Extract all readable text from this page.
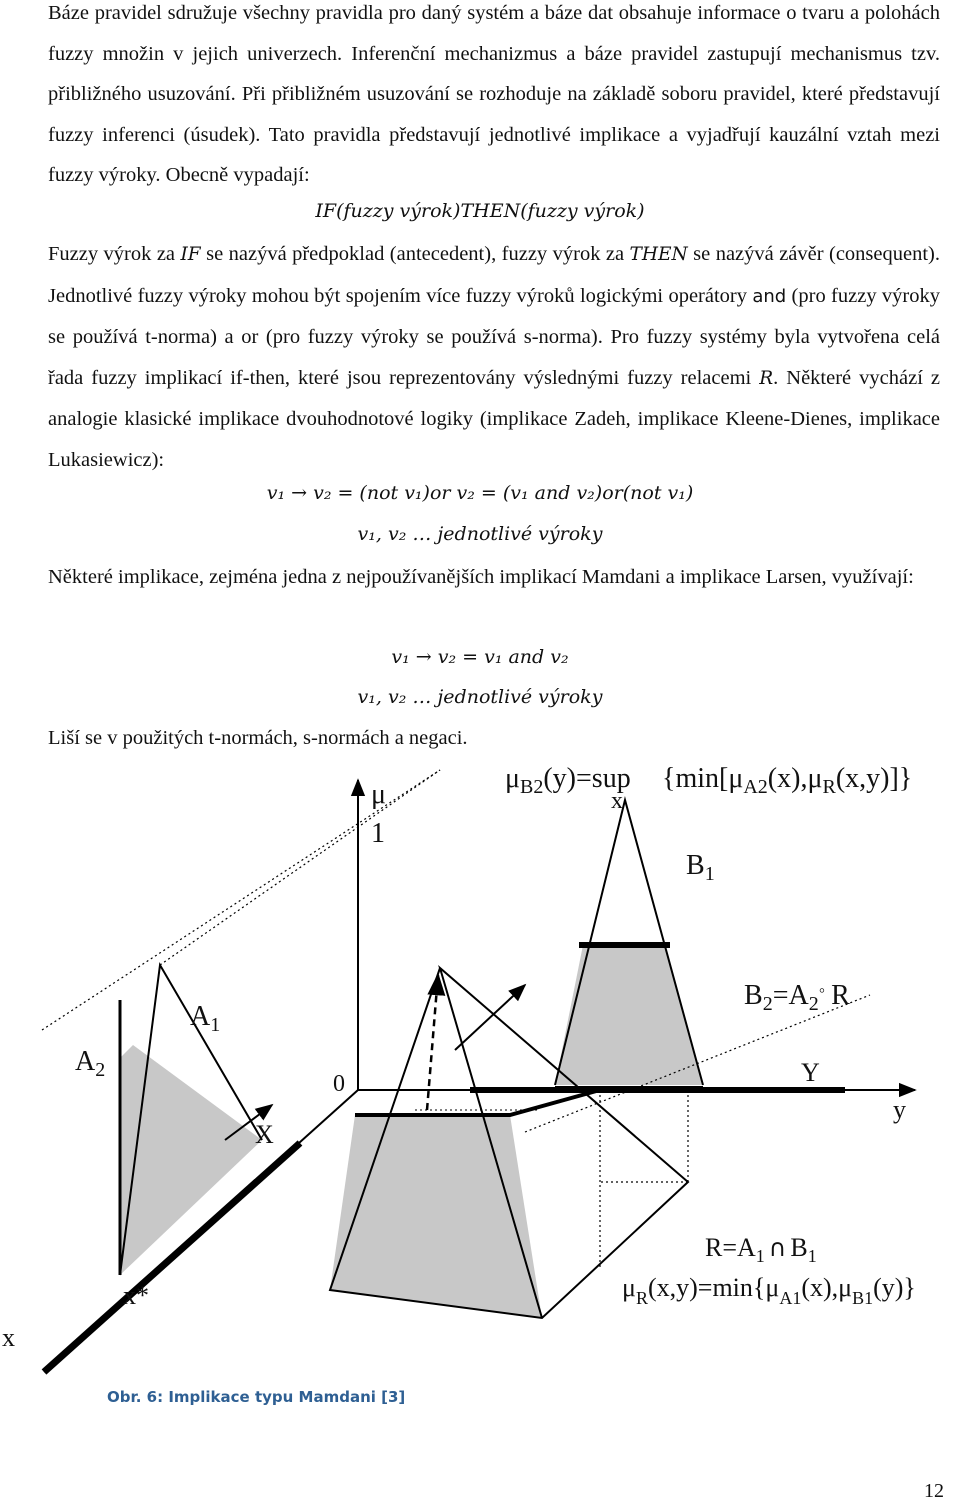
Báze pravidel sdružuje všechny pravidla pro daný systém a báze dat obsahuje informace o tvaru a polohách fuzzy množin v jejich univerzech. Inferenční mechanizmus a báze pravidel zastupují mechanismus tzv. přibližného usuzování. Při přibližném usuzování se rozhoduje na základě soboru pravidel, které představují fuzzy inferenci (úsudek). Tato pravidla představují jednotlivé implikace a vyjadřují kauzální vztah mezi fuzzy výroky. Obecně vypadají:

IF(fuzzy výrok)THEN(fuzzy výrok)

Fuzzy výrok za IF se nazývá předpoklad (antecedent), fuzzy výrok za THEN se nazývá závěr (consequent). Jednotlivé fuzzy výroky mohou být spojením více fuzzy výroků logickými operátory and (pro fuzzy výroky se používá t-norma) a or (pro fuzzy výroky se používá s-norma). Pro fuzzy systémy byla vytvořena celá řada fuzzy implikací if-then, které jsou reprezentovány výslednými fuzzy relacemi R. Některé vychází z analogie klasické implikace dvouhodnotové logiky (implikace Zadeh, implikace Kleene-Dienes, implikace Lukasiewicz):

v₁ → v₂ = (not v₁)or v₂ = (v₁ and v₂)or(not v₁)

v₁, v₂ … jednotlivé výroky

Některé implikace, zejména jedna z nejpoužívanějších implikací Mamdani a implikace Larsen, využívají:

v₁ → v₂ = v₁ and v₂

v₁, v₂ … jednotlivé výroky

Liší se v použitých t-normách, s-normách a negaci.

$\mu_{B2}(y)=sup$
x
$\{\min[\mu_{A2}(x),\mu_R(x,y)]\}$
μ
1
$B_1$
$B_2=A_2^◦$ R
$A_1$
$A_2$
0	Y
y
X
x
x*
$R=A_1$ ∩ $B_1$
$\mu_R(x,y)=\min\{\mu_{A1}(x),\mu_{B1}(y)\}$

Obr. 6: Implikace typu Mamdani [3]

12
